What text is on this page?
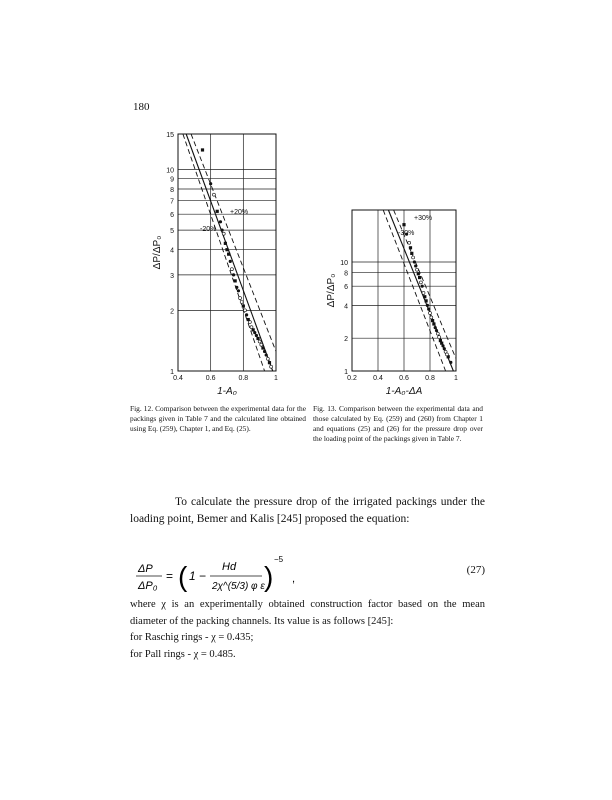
180
1
2
3
4
5
6
7
8
9
10
15
0.4	0.6	0.8	1
+20%
-20%
ΔP/ΔP₀
1-A₀
1
2
4
6
8
10
0.2 0.4 0.6 0.8	1
+30%
-30%
ΔP/ΔP₀
1-A₀-ΔA
Fig. 12. Comparison between the experimental data for the packings given in Table 7 and the calculated line obtained using Eq. (259), Chapter 1, and Eq. (25).
Fig. 13. Comparison between the experimental data and those calculated by Eq. (259) and (260) from Chapter 1 and equations (25) and (26) for the pressure drop over the loading point of the packings given in Table 7.
To calculate the pressure drop of the irrigated packings under the loading point, Bemer and Kalis [245] proposed the equation:
ΔP
ΔP₀
= ( 1 −
Hd
2χ^(5/3) φ ε )
−5
,
(27)
where χ is an experimentally obtained construction factor based on the mean diameter of the packing channels. Its value is as follows [245]:
for Raschig rings - χ = 0.435;
for Pall rings - χ = 0.485.
